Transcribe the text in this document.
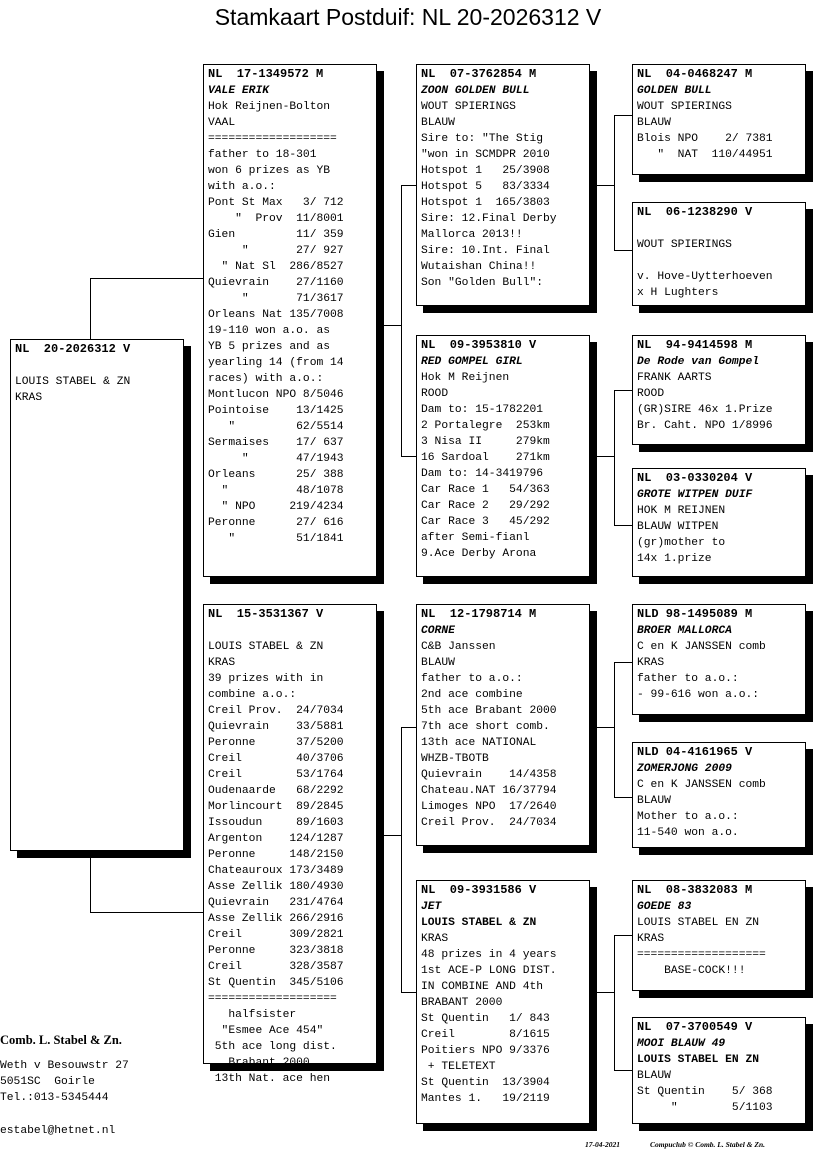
Stamkaart Postduif: NL 20-2026312 V
NL  20-2026312 V
LOUIS STABEL & ZN
KRAS
NL  17-1349572 M
VALE ERIK
Hok Reijnen-Bolton
VAAL
===================
father to 18-301
won 6 prizes as YB
with a.o.:
Pont St Max   3/ 712
"  Prov  11/8001
Gien         11/ 359
"       27/ 927
" Nat Sl  286/8527
Quievrain    27/1160
"       71/3617
Orleans Nat 135/7008
19-110 won a.o. as
YB 5 prizes and as
yearling 14 (from 14
races) with a.o.:
Montlucon NPO 8/5046
Pointoise    13/1425
"         62/5514
Sermaises    17/ 637
"       47/1943
Orleans      25/ 388
"          48/1078
" NPO     219/4234
Peronne      27/ 616
"         51/1841
NL  15-3531367 V
LOUIS STABEL & ZN
KRAS
39 prizes with in
combine a.o.:
Creil Prov.  24/7034
Quievrain    33/5881
Peronne      37/5200
Creil        40/3706
Creil        53/1764
Oudenaarde   68/2292
Morlincourt  89/2845
Issoudun     89/1603
Argenton    124/1287
Peronne     148/2150
Chateauroux 173/3489
Asse Zellik 180/4930
Quievrain   231/4764
Asse Zellik 266/2916
Creil       309/2821
Peronne     323/3818
Creil       328/3587
St Quentin  345/5106
===================
halfsister
"Esmee Ace 454"
5th ace long dist.
Brabant 2000
13th Nat. ace hen
NL  07-3762854 M
ZOON GOLDEN BULL
WOUT SPIERINGS
BLAUW
Sire to: "The Stig
"won in SCMDPR 2010
Hotspot 1   25/3908
Hotspot 5   83/3334
Hotspot 1  165/3803
Sire: 12.Final Derby
Mallorca 2013!!
Sire: 10.Int. Final
Wutaishan China!!
Son "Golden Bull":
NL  09-3953810 V
RED GOMPEL GIRL
Hok M Reijnen
ROOD
Dam to: 15-1782201
2 Portalegre  253km
3 Nisa II     279km
16 Sardoal    271km
Dam to: 14-3419796
Car Race 1   54/363
Car Race 2   29/292
Car Race 3   45/292
after Semi-fianl
9.Ace Derby Arona
NL  12-1798714 M
CORNE
C&B Janssen
BLAUW
father to a.o.:
2nd ace combine
5th ace Brabant 2000
7th ace short comb.
13th ace NATIONAL
WHZB-TBOTB
Quievrain    14/4358
Chateau.NAT 16/37794
Limoges NPO  17/2640
Creil Prov.  24/7034
NL  09-3931586 V
JET
LOUIS STABEL & ZN
KRAS
48 prizes in 4 years
1st ACE-P LONG DIST.
IN COMBINE AND 4th
BRABANT 2000
St Quentin   1/ 843
Creil        8/1615
Poitiers NPO 9/3376
+ TELETEXT
St Quentin  13/3904
Mantes 1.   19/2119
NL  04-0468247 M
GOLDEN BULL
WOUT SPIERINGS
BLAUW
Blois NPO    2/ 7381
"  NAT  110/44951
NL  06-1238290 V
WOUT SPIERINGS
v. Hove-Uytterhoeven
x H Lughters
NL  94-9414598 M
De Rode van Gompel
FRANK AARTS
ROOD
(GR)SIRE 46x 1.Prize
Br. Caht. NPO 1/8996
NL  03-0330204 V
GROTE WITPEN DUIF
HOK M REIJNEN
BLAUW WITPEN
(gr)mother to
14x 1.prize
NLD 98-1495089 M
BROER MALLORCA
C en K JANSSEN comb
KRAS
father to a.o.:
- 99-616 won a.o.:
NLD 04-4161965 V
ZOMERJONG 2009
C en K JANSSEN comb
BLAUW
Mother to a.o.:
11-540 won a.o.
NL  08-3832083 M
GOEDE 83
LOUIS STABEL EN ZN
KRAS
===================
BASE-COCK!!!
NL  07-3700549 V
MOOI BLAUW 49
LOUIS STABEL EN ZN
BLAUW
St Quentin    5/ 368
"        5/1103
Comb. L. Stabel & Zn.
Weth v Besouwstr 27
5051SC  Goirle
Tel.:013-5345444
estabel@hetnet.nl
17-04-2021	Compuclub © Comb. L. Stabel & Zn.
